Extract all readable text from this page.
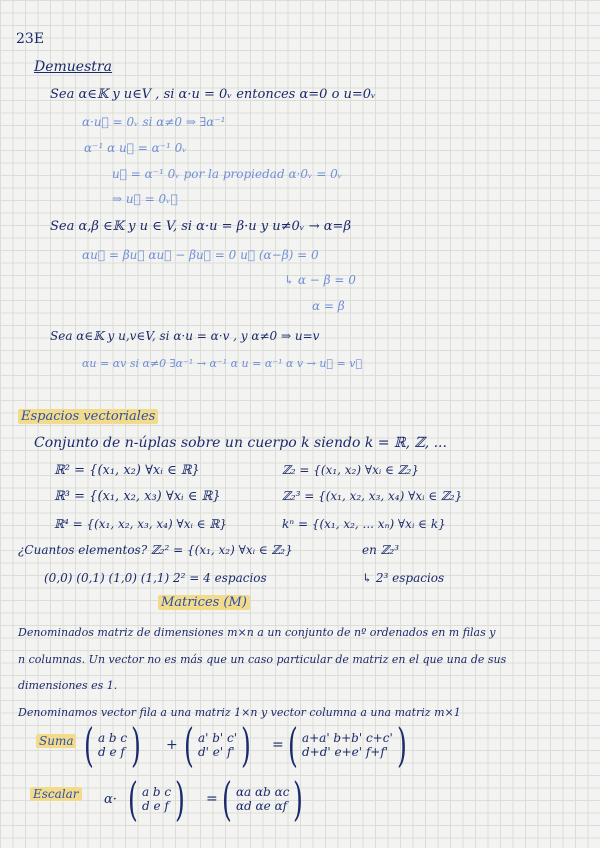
23E
Demuestra
Sea α∈𝕂 y u∈V , si α·u = 0ᵥ entonces α=0 o u=0ᵥ
α·u⃗ = 0ᵥ si α≠0 ⇒ ∃α⁻¹
α⁻¹ α u⃗ = α⁻¹ 0ᵥ
u⃗ = α⁻¹ 0ᵥ por la propiedad α·0ᵥ = 0ᵥ
⇒ u⃗ = 0ᵥ⃗
Sea α,β ∈𝕂 y u ∈ V, si α·u = β·u y u≠0ᵥ → α=β
αu⃗ = βu⃗ αu⃗ − βu⃗ = 0 u⃗ (α−β) = 0
↳ α − β = 0
α = β
Sea α∈𝕂 y u,v∈V, si α·u = α·v , y α≠0 ⇒ u=v
αu = αv si α≠0 ∃α⁻¹ → α⁻¹ α u = α⁻¹ α v → u⃗ = v⃗
Espacios vectoriales
Conjunto de n-úplas sobre un cuerpo k siendo k = ℝ, ℤ, ...
ℝ² = {(x₁, x₂) ∀xᵢ ∈ ℝ}
ℝ³ = {(x₁, x₂, x₃) ∀xᵢ ∈ ℝ}
ℝ⁴ = {(x₁, x₂, x₃, x₄) ∀xᵢ ∈ ℝ}
ℤ₂ = {(x₁, x₂) ∀xᵢ ∈ ℤ₂}
ℤ₂³ = {(x₁, x₂, x₃, x₄) ∀xᵢ ∈ ℤ₂}
kⁿ = {(x₁, x₂, ... xₙ) ∀xᵢ ∈ k}
¿Cuantos elementos? ℤ₂² = {(x₁, x₂) ∀xᵢ ∈ ℤ₂}	en ℤ₂³
(0,0) (0,1) (1,0) (1,1) 2² = 4 espacios	↳ 2³ espacios
Matrices (M)
Denominados matriz de dimensiones m×n a un conjunto de nº ordenados en m filas y
n columnas. Un vector no es más que un caso particular de matriz en el que una de sus
dimensiones es 1.
Denominamos vector fila a una matriz 1×n y vector columna a una matriz m×1
Suma ( a b c
d e f ) + ( a' b' c'
d' e' f' ) = ( a+a' b+b' c+c'
d+d' e+e' f+f' )
Escalar α· ( a b c
d e f ) = ( αa αb αc
αd αe αf )
